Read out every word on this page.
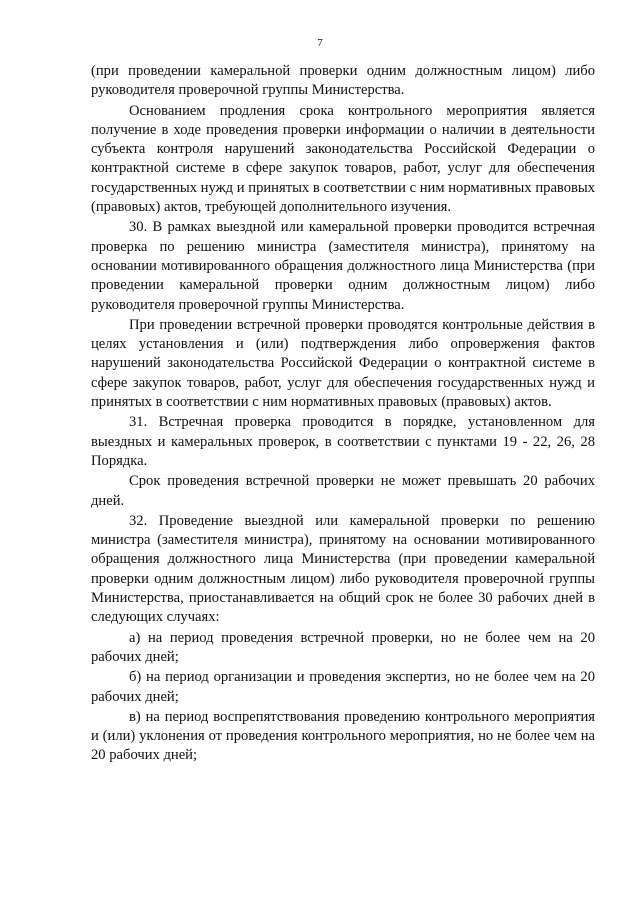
7

(при проведении камеральной проверки одним должностным лицом) либо руководителя проверочной группы Министерства.

Основанием продления срока контрольного мероприятия является получение в ходе проведения проверки информации о наличии в деятельности субъекта контроля нарушений законодательства Российской Федерации о контрактной системе в сфере закупок товаров, работ, услуг для обеспечения государственных нужд и принятых в соответствии с ним нормативных правовых (правовых) актов, требующей дополнительного изучения.

30. В рамках выездной или камеральной проверки проводится встречная проверка по решению министра (заместителя министра), принятому на основании мотивированного обращения должностного лица Министерства (при проведении камеральной проверки одним должностным лицом) либо руководителя проверочной группы Министерства.

При проведении встречной проверки проводятся контрольные действия в целях установления и (или) подтверждения либо опровержения фактов нарушений законодательства Российской Федерации о контрактной системе в сфере закупок товаров, работ, услуг для обеспечения государственных нужд и принятых в соответствии с ним нормативных правовых (правовых) актов.

31. Встречная проверка проводится в порядке, установленном для выездных и камеральных проверок, в соответствии с пунктами 19 - 22, 26, 28 Порядка.

Срок проведения встречной проверки не может превышать 20 рабочих дней.

32. Проведение выездной или камеральной проверки по решению министра (заместителя министра), принятому на основании мотивированного обращения должностного лица Министерства (при проведении камеральной проверки одним должностным лицом) либо руководителя проверочной группы Министерства, приостанавливается на общий срок не более 30 рабочих дней в следующих случаях:

а) на период проведения встречной проверки, но не более чем на 20 рабочих дней;

б) на период организации и проведения экспертиз, но не более чем на 20 рабочих дней;

в) на период воспрепятствования проведению контрольного мероприятия и (или) уклонения от проведения контрольного мероприятия, но не более чем на 20 рабочих дней;
